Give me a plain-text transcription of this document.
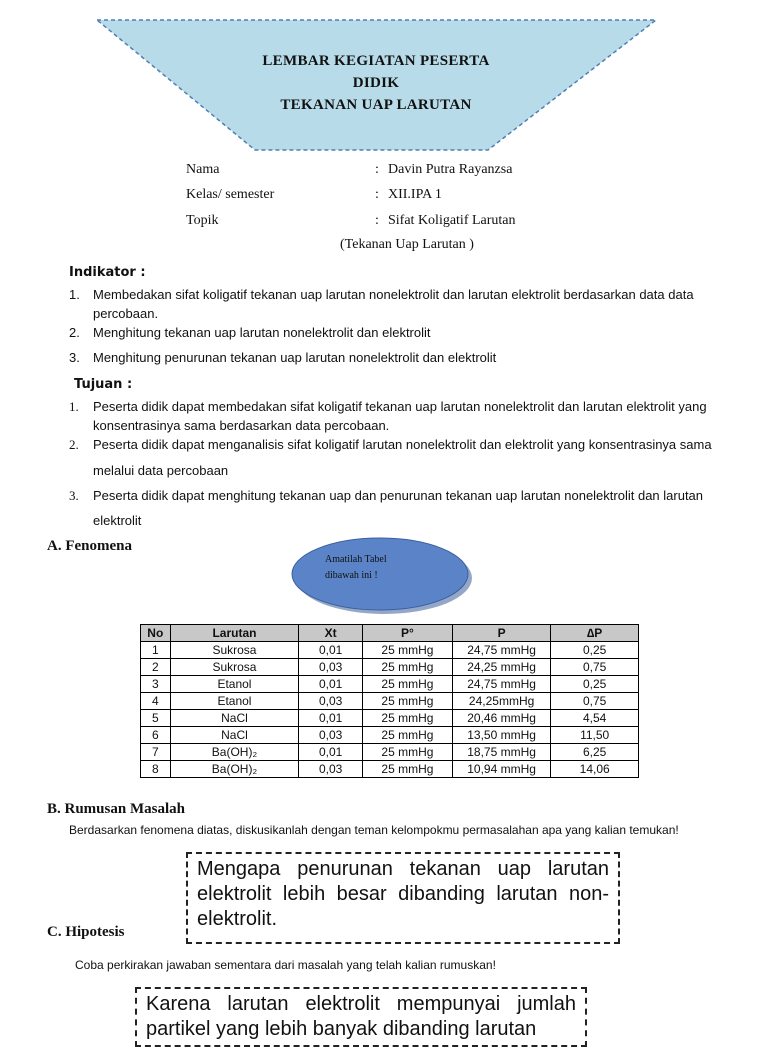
LEMBAR KEGIATAN PESERTA
DIDIK
TEKANAN UAP LARUTAN
Nama	: Davin Putra Rayanzsa
Kelas/ semester	: XII.IPA 1
Topik	: Sifat Koligatif Larutan
(Tekanan Uap Larutan )
Indikator :
1. Membedakan sifat koligatif tekanan uap larutan nonelektrolit dan larutan elektrolit berdasarkan data data
percobaan.
2. Menghitung tekanan uap larutan nonelektrolit dan elektrolit
3. Menghitung penurunan tekanan uap larutan nonelektrolit dan elektrolit
Tujuan :
1. Peserta didik dapat membedakan sifat koligatif tekanan uap larutan nonelektrolit dan larutan elektrolit yang
konsentrasinya sama berdasarkan data percobaan.
2. Peserta didik dapat menganalisis sifat koligatif larutan nonelektrolit dan elektrolit yang konsentrasinya sama
melalui data percobaan
3. Peserta didik dapat menghitung tekanan uap dan penurunan tekanan uap larutan nonelektrolit dan larutan
elektrolit
A. Fenomena
Amatilah Tabel
dibawah ini !
No	Larutan	Xt	P°	P	∆P
1	Sukrosa	0,01	25 mmHg	24,75 mmHg	0,25
2	Sukrosa	0,03	25 mmHg	24,25 mmHg	0,75
3	Etanol	0,01	25 mmHg	24,75 mmHg	0,25
4	Etanol	0,03	25 mmHg	24,25mmHg	0,75
5	NaCl	0,01	25 mmHg	20,46 mmHg	4,54
6	NaCl	0,03	25 mmHg	13,50 mmHg	11,50
7	Ba(OH)₂	0,01	25 mmHg	18,75 mmHg	6,25
8	Ba(OH)₂	0,03	25 mmHg	10,94 mmHg	14,06
B. Rumusan Masalah
Berdasarkan fenomena diatas, diskusikanlah dengan teman kelompokmu permasalahan apa yang kalian temukan!
Mengapa penurunan tekanan uap larutan elektrolit lebih besar dibanding larutan non-elektrolit.
C. Hipotesis
Coba perkirakan jawaban sementara dari masalah yang telah kalian rumuskan!
Karena larutan elektrolit mempunyai jumlah partikel yang lebih banyak dibanding larutan
